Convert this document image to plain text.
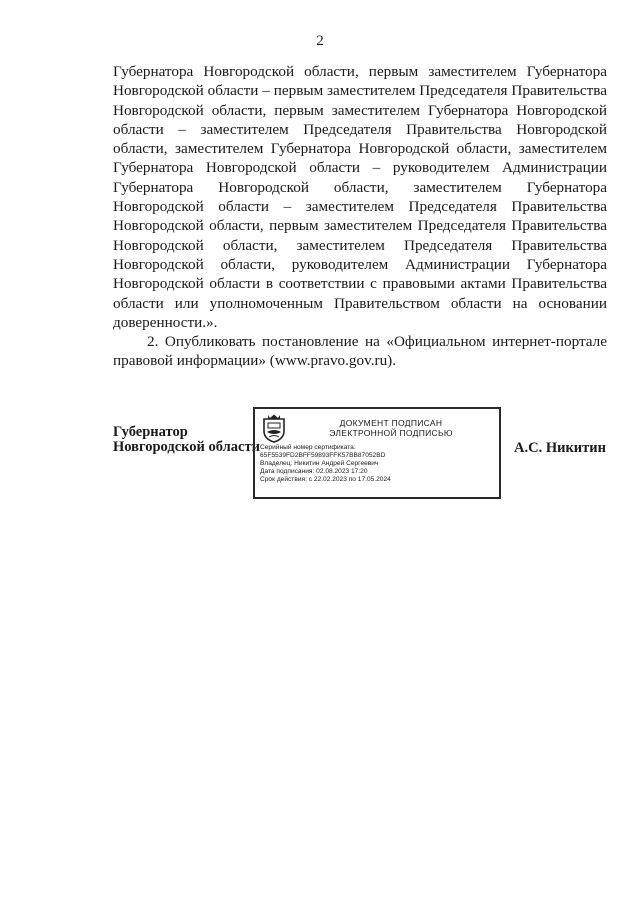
2

Губернатора Новгородской области, первым заместителем Губернатора Новгородской области – первым заместителем Председателя Правительства Новгородской области, первым заместителем Губернатора Новгородской области – заместителем Председателя Правительства Новгородской области, заместителем Губернатора Новгородской области, заместителем Губернатора Новгородской области – руководителем Администрации Губернатора Новгородской области, заместителем Губернатора Новгородской области – заместителем Председателя Правительства Новгородской области, первым заместителем Председателя Правительства Новгородской области, заместителем Председателя Правительства Новгородской области, руководителем Администрации Губернатора Новгородской области в соответствии с правовыми актами Правительства области или уполномоченным Правительством области на основании доверенности.».

2. Опубликовать постановление на «Официальном интернет-портале правовой информации» (www.pravo.gov.ru).

Губернатор
Новгородской области
ДОКУМЕНТ ПОДПИСАН
ЭЛЕКТРОННОЙ ПОДПИСЬЮ
Серийный номер сертификата:
65F5539FD2BFF59893FFK57BB87052BD
Владелец: Никитин Андрей Сергеевич
Дата подписания: 02.08.2023 17:20
Срок действия: с 22.02.2023 по 17.05.2024
А.С. Никитин
